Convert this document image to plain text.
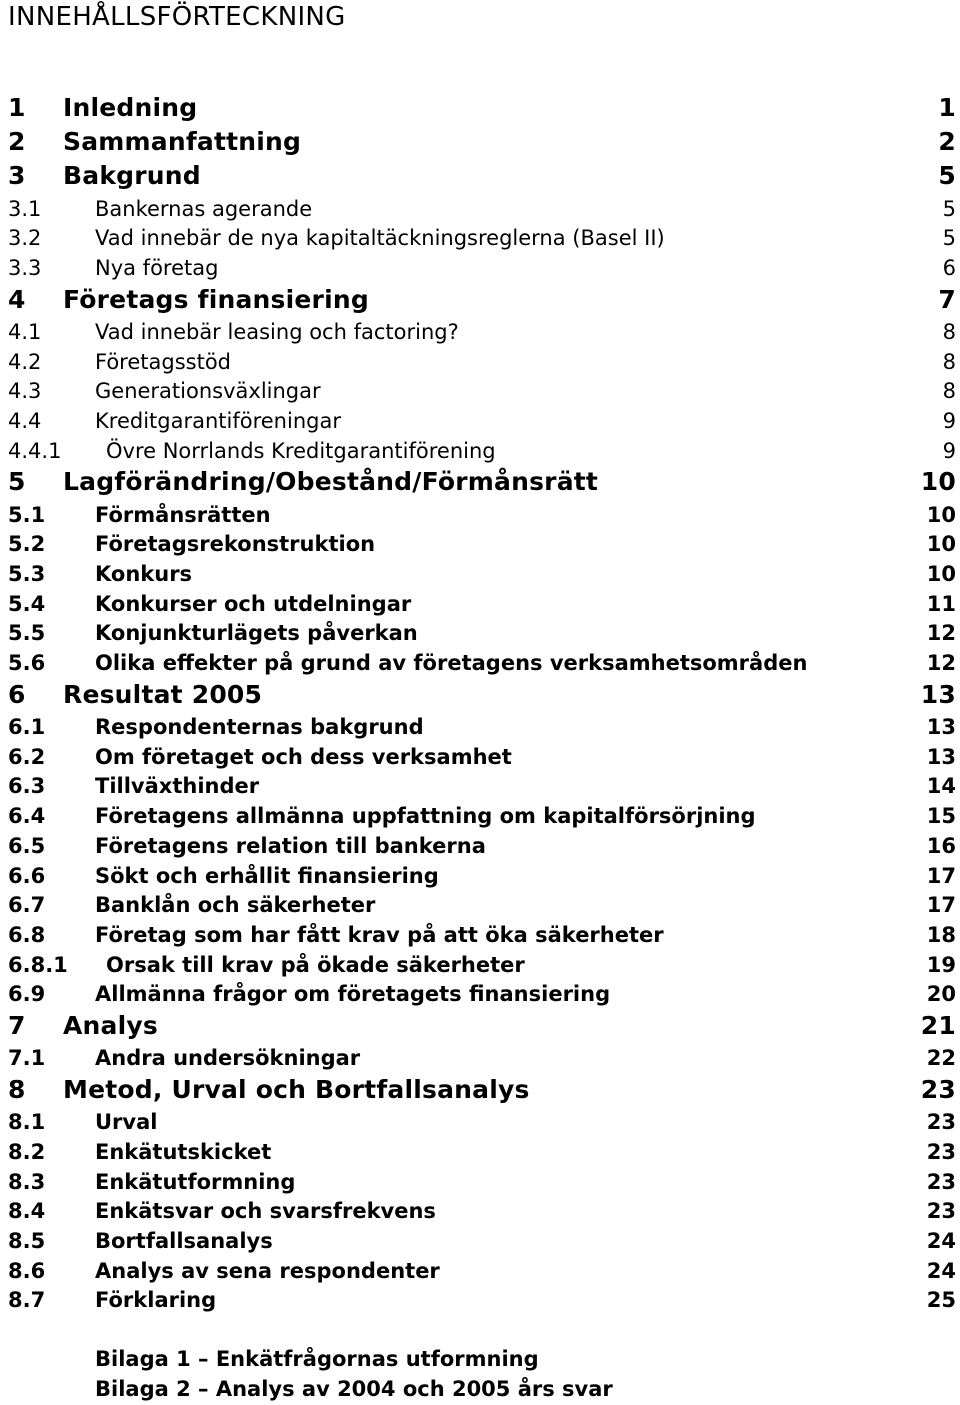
INNEHÅLLSFÖRTECKNING
1 Inledning	1
2 Sammanfattning	2
3 Bakgrund	5
3.1	Bankernas agerande	5
3.2	Vad innebär de nya kapitaltäckningsreglerna (Basel II)	5
3.3	Nya företag	6
4 Företags finansiering	7
4.1	Vad innebär leasing och factoring?	8
4.2	Företagsstöd	8
4.3	Generationsväxlingar	8
4.4	Kreditgarantiföreningar	9
4.4.1 Övre Norrlands Kreditgarantiförening	9
5 Lagförändring/Obestånd/Förmånsrätt	10
5.1 Förmånsrätten	10
5.2 Företagsrekonstruktion	10
5.3 Konkurs	10
5.4 Konkurser och utdelningar	11
5.5 Konjunkturlägets påverkan	12
5.6 Olika effekter på grund av företagens verksamhetsområden	12
6 Resultat 2005	13
6.1 Respondenternas bakgrund	13
6.2 Om företaget och dess verksamhet	13
6.3 Tillväxthinder	14
6.4 Företagens allmänna uppfattning om kapitalförsörjning	15
6.5 Företagens relation till bankerna	16
6.6 Sökt och erhållit finansiering	17
6.7 Banklån och säkerheter	17
6.8 Företag som har fått krav på att öka säkerheter	18
6.8.1 Orsak till krav på ökade säkerheter	19
6.9 Allmänna frågor om företagets finansiering	20
7 Analys	21
7.1 Andra undersökningar	22
8 Metod, Urval och Bortfallsanalys	23
8.1 Urval	23
8.2 Enkätutskicket	23
8.3 Enkätutformning	23
8.4 Enkätsvar och svarsfrekvens	23
8.5 Bortfallsanalys	24
8.6 Analys av sena respondenter	24
8.7 Förklaring	25
Bilaga 1 – Enkätfrågornas utformning
Bilaga 2 – Analys av 2004 och 2005 års svar
